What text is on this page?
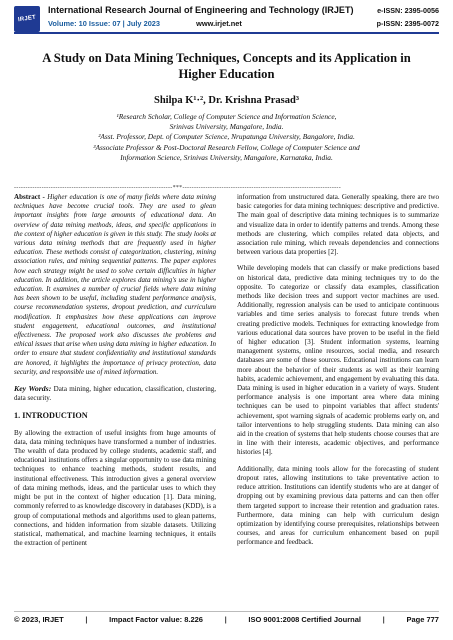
IRJET
International Research Journal of Engineering and Technology (IRJET)
Volume: 10 Issue: 07 | July 2023	www.irjet.net
e-ISSN: 2395-0056
p-ISSN: 2395-0072
A Study on Data Mining Techniques, Concepts and its Application in Higher Education
Shilpa K¹·², Dr. Krishna Prasad³

¹Research Scholar, College of Computer Science and Information Science,

Srinivas University, Mangalore, India.

²Asst. Professor, Dept. of Computer Science, Nrupatunga University, Bangalore, India.

³Associate Professor & Post-Doctoral Research Fellow, College of Computer Science and

Information Science, Srinivas University, Mangalore, Karnataka, India.

---------------------------------------------------------------------***---------------------------------------------------------------------

Abstract - Higher education is one of many fields where data mining techniques have become crucial tools. They are used to glean important insights from large amounts of educational data. An overview of data mining methods, ideas, and specific applications in the context of higher education is given in this study. The study looks at various data mining methods that are frequently used in higher education. These methods consist of categorization, clustering, mining association rules, and mining sequential patterns. The paper explores how each strategy might be used to solve certain difficulties in higher education. In addition, the article explores data mining's use in higher education. It examines a number of crucial fields where data mining has been shown to be useful, including student performance analysis, course recommendation systems, dropout prediction, and curriculum modification. It emphasizes how these applications can improve student engagement, educational outcomes, and institutional effectiveness. The proposed work also discusses the problems and ethical issues that arise when using data mining in higher education. In order to ensure that student confidentiality and institutional standards are honored, it highlights the importance of privacy protection, data security, and responsible use of mined information.

Key Words: Data mining, higher education, classification, clustering, data security.

1. INTRODUCTION

By allowing the extraction of useful insights from huge amounts of data, data mining techniques have transformed a number of industries. The wealth of data produced by college students, academic staff, and educational institutions offers a singular opportunity to use data mining techniques to enhance teaching methods, student results, and institutional effectiveness. This introduction gives a general overview of data mining methods, ideas, and the particular uses to which they might be put in the context of higher education [1]. Data mining, commonly referred to as knowledge discovery in databases (KDD), is a group of computational methods and algorithms used to glean patterns, connections, and hidden information from sizable datasets. Utilizing statistical, mathematical, and machine learning techniques, it entails the extraction of pertinent

information from unstructured data. Generally speaking, there are two basic categories for data mining techniques: descriptive and predictive. The main goal of descriptive data mining techniques is to summarize and visualize data in order to identify patterns and trends. Among these methods are clustering, which compiles related data objects, and association rule mining, which reveals dependencies and connections between various data properties [2].

While developing models that can classify or make predictions based on historical data, predictive data mining techniques try to do the opposite. To categorize or classify data examples, classification methods like decision trees and support vector machines are used. Additionally, regression analysis can be used to anticipate continuous variables and time series analysis to forecast future trends when creating predictive models. Techniques for extracting knowledge from various educational data sources have proven to be useful in the field of higher education [3]. Student information systems, learning management systems, online resources, social media, and research databases are some of these sources. Educational institutions can learn more about the behavior of their students as well as their learning habits, academic achievement, and engagement by evaluating this data. Data mining is used in higher education in a variety of ways. Student performance analysis is one important area where data mining techniques can be used to pinpoint variables that affect students' achievement, spot warning signals of academic problems early on, and tailor interventions to help struggling students. Data mining can also aid in the creation of systems that help students choose courses that are in line with their interests, academic objectives, and performance histories [4].

Additionally, data mining tools allow for the forecasting of student dropout rates, allowing institutions to take preventative action to reduce attrition. Institutions can identify students who are at danger of dropping out by examining previous data patterns and can then offer them targeted support to increase their retention and graduation rates. Furthermore, data mining can help with curriculum design optimization by identifying course prerequisites, relationships between courses, and areas for curriculum enhancement based on pupil performance and feedback.

© 2023, IRJET	|	Impact Factor value: 8.226	|	ISO 9001:2008 Certified Journal	|	Page 777
